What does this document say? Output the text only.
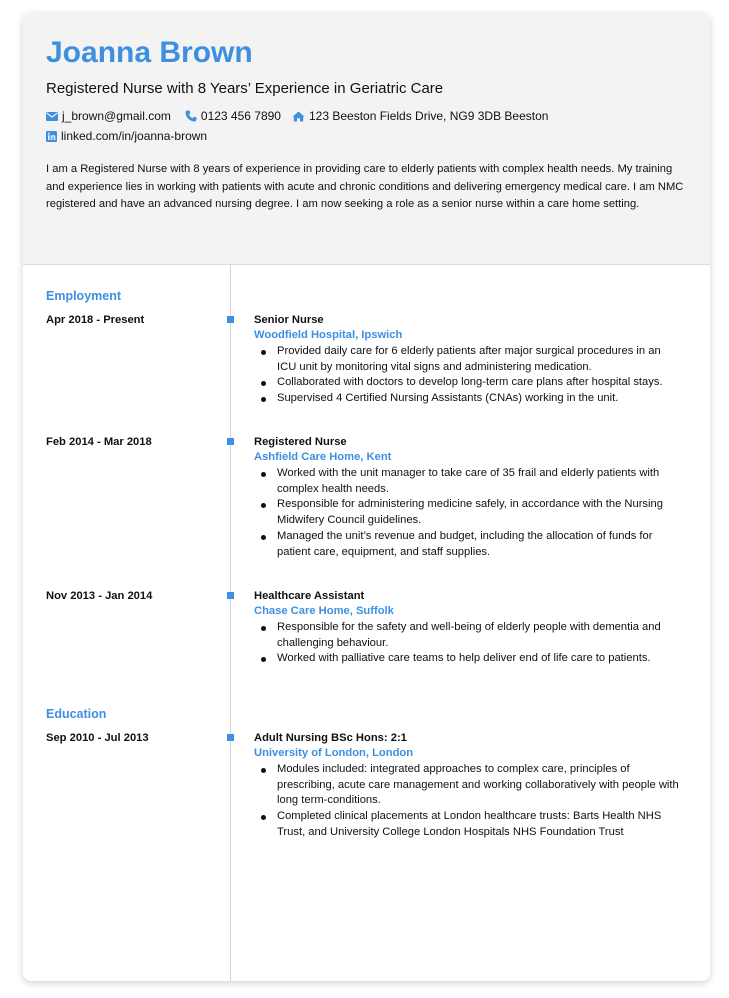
Joanna Brown
Registered Nurse with 8 Years’ Experience in Geriatric Care
j_brown@gmail.com	0123 456 7890 123 Beeston Fields Drive, NG9 3DB Beeston
linked.com/in/joanna-brown
I am a Registered Nurse with 8 years of experience in providing care to elderly patients with complex health needs. My training and experience lies in working with patients with acute and chronic conditions and delivering emergency medical care. I am NMC registered and have an advanced nursing degree. I am now seeking a role as a senior nurse within a care home setting.
Employment
Apr 2018 - Present	Senior Nurse
Woodfield Hospital, Ipswich
Provided daily care for 6 elderly patients after major surgical procedures in an ICU unit by monitoring vital signs and administering medication.
Collaborated with doctors to develop long-term care plans after hospital stays.
Supervised 4 Certified Nursing Assistants (CNAs) working in the unit.
Feb 2014 - Mar 2018	Registered Nurse
Ashfield Care Home, Kent
Worked with the unit manager to take care of 35 frail and elderly patients with complex health needs.
Responsible for administering medicine safely, in accordance with the Nursing Midwifery Council guidelines.
Managed the unit’s revenue and budget, including the allocation of funds for patient care, equipment, and staff supplies.
Nov 2013 - Jan 2014	Healthcare Assistant
Chase Care Home, Suffolk
Responsible for the safety and well-being of elderly people with dementia and challenging behaviour.
Worked with palliative care teams to help deliver end of life care to patients.
Education
Sep 2010 - Jul 2013	Adult Nursing BSc Hons: 2:1
University of London, London
Modules included: integrated approaches to complex care, principles of prescribing, acute care management and working collaboratively with people with long term-conditions.
Completed clinical placements at London healthcare trusts: Barts Health NHS Trust, and University College London Hospitals NHS Foundation Trust
